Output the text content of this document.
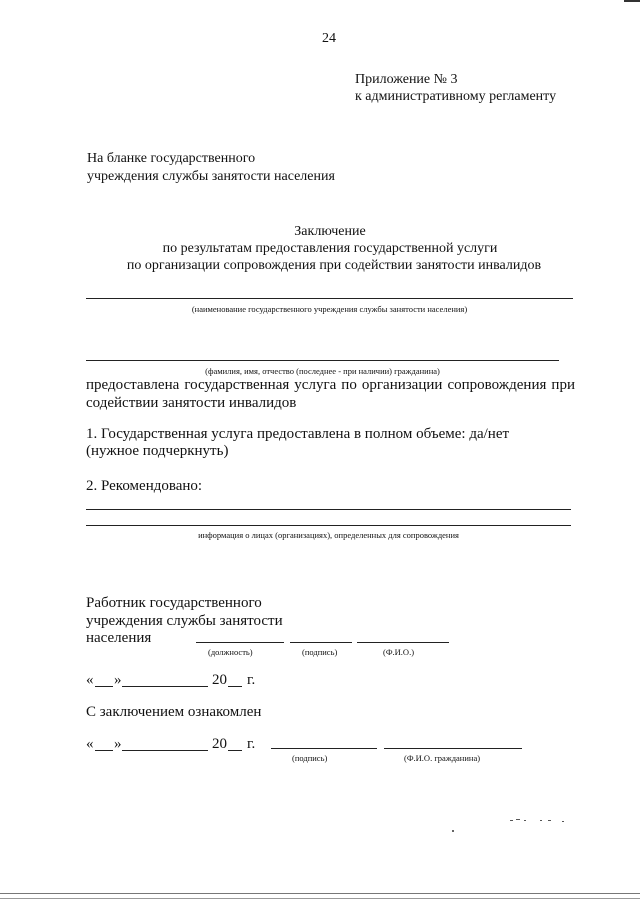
24
Приложение № 3
к административному регламенту
На бланке государственного
учреждения службы занятости населения
Заключение
по результатам предоставления государственной услуги
по организации сопровождения при содействии занятости инвалидов
(наименование государственного учреждения службы занятости населения)
(фамилия, имя, отчество (последнее - при наличии) гражданина)
предоставлена государственная услуга по организации сопровождения при
содействии занятости инвалидов
1. Государственная услуга предоставлена в полном объеме: да/нет
(нужное подчеркнуть)
2. Рекомендовано:
информация о лицах (организациях), определенных для сопровождения
Работник государственного
учреждения службы занятости
населения
(должность)	(подпись)	(Ф.И.О.)
« »	20 г.
С заключением ознакомлен
« »	20 г.
(подпись)	(Ф.И.О. гражданина)
